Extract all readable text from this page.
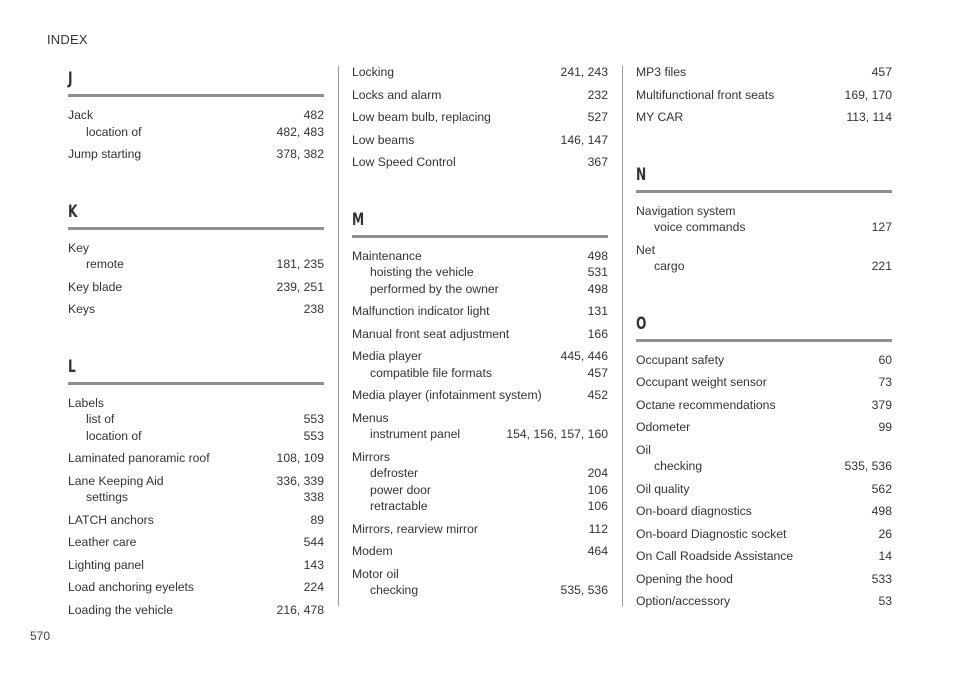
INDEX
J
Jack	482
location of	482, 483
Jump starting	378, 382
K
Key
remote	181, 235
Key blade	239, 251
Keys	238
L
Labels
list of	553
location of	553
Laminated panoramic roof	108, 109
Lane Keeping Aid	336, 339
settings	338
LATCH anchors	89
Leather care	544
Lighting panel	143
Load anchoring eyelets	224
Loading the vehicle	216, 478
Locking	241, 243
Locks and alarm	232
Low beam bulb, replacing	527
Low beams	146, 147
Low Speed Control	367
M
Maintenance	498
hoisting the vehicle	531
performed by the owner	498
Malfunction indicator light	131
Manual front seat adjustment	166
Media player	445, 446
compatible file formats	457
Media player (infotainment system)	452
Menus
instrument panel	154, 156, 157, 160
Mirrors
defroster	204
power door	106
retractable	106
Mirrors, rearview mirror	112
Modem	464
Motor oil
checking	535, 536
MP3 files	457
Multifunctional front seats	169, 170
MY CAR	113, 114
N
Navigation system
voice commands	127
Net
cargo	221
O
Occupant safety	60
Occupant weight sensor	73
Octane recommendations	379
Odometer	99
Oil
checking	535, 536
Oil quality	562
On-board diagnostics	498
On-board Diagnostic socket	26
On Call Roadside Assistance	14
Opening the hood	533
Option/accessory	53
570
